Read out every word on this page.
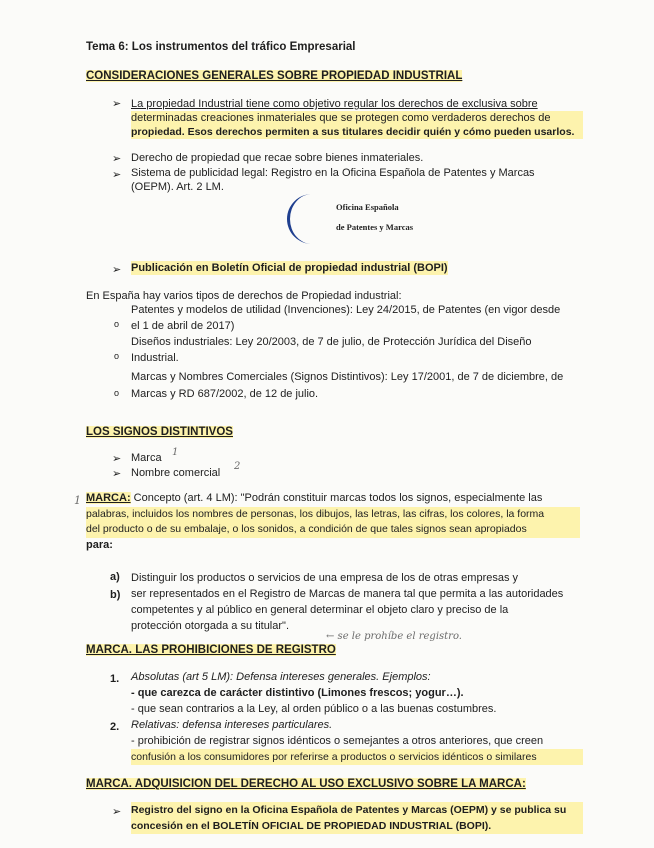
Tema 6: Los instrumentos del tráfico Empresarial
CONSIDERACIONES GENERALES SOBRE PROPIEDAD INDUSTRIAL
➢ La propiedad Industrial tiene como objetivo regular los derechos de exclusiva sobre
determinadas creaciones inmateriales que se protegen como verdaderos derechos de
propiedad. Esos derechos permiten a sus titulares decidir quién y cómo pueden usarlos.
➢ Derecho de propiedad que recae sobre bienes inmateriales.
➢ Sistema de publicidad legal: Registro en la Oficina Española de Patentes y Marcas
(OEPM). Art. 2 LM.
Oficina Española
de Patentes y Marcas
➢ Publicación en Boletín Oficial de propiedad industrial (BOPI)
En España hay varios tipos de derechos de Propiedad industrial:
o
Patentes y modelos de utilidad (Invenciones): Ley 24/2015, de Patentes (en vigor desde
el 1 de abril de 2017)
o
Diseños industriales: Ley 20/2003, de 7 de julio, de Protección Jurídica del Diseño
Industrial.
o
Marcas y Nombres Comerciales (Signos Distintivos): Ley 17/2001, de 7 de diciembre, de
Marcas y RD 687/2002, de 12 de julio.
LOS SIGNOS DISTINTIVOS
➢ Marca 1
➢ Nombre comercial
2
1 MARCA: Concepto (art. 4 LM): "Podrán constituir marcas todos los signos, especialmente las
palabras, incluidos los nombres de personas, los dibujos, las letras, las cifras, los colores, la forma
del producto o de su embalaje, o los sonidos, a condición de que tales signos sean apropiados
para:
a) Distinguir los productos o servicios de una empresa de los de otras empresas y
b) ser representados en el Registro de Marcas de manera tal que permita a las autoridades
competentes y al público en general determinar el objeto claro y preciso de la
protección otorgada a su titular".
MARCA. LAS PROHIBICIONES DE REGISTRO
← se le prohíbe el registro.
1. Absolutas (art 5 LM): Defensa intereses generales. Ejemplos:
- que carezca de carácter distintivo (Limones frescos; yogur…).
- que sean contrarios a la Ley, al orden público o a las buenas costumbres.
2. Relativas: defensa intereses particulares.
- prohibición de registrar signos idénticos o semejantes a otros anteriores, que creen
confusión a los consumidores por referirse a productos o servicios idénticos o similares
MARCA. ADQUISICION DEL DERECHO AL USO EXCLUSIVO SOBRE LA MARCA:
➢ Registro del signo en la Oficina Española de Patentes y Marcas (OEPM) y se publica su
concesión en el BOLETÍN OFICIAL DE PROPIEDAD INDUSTRIAL (BOPI).
